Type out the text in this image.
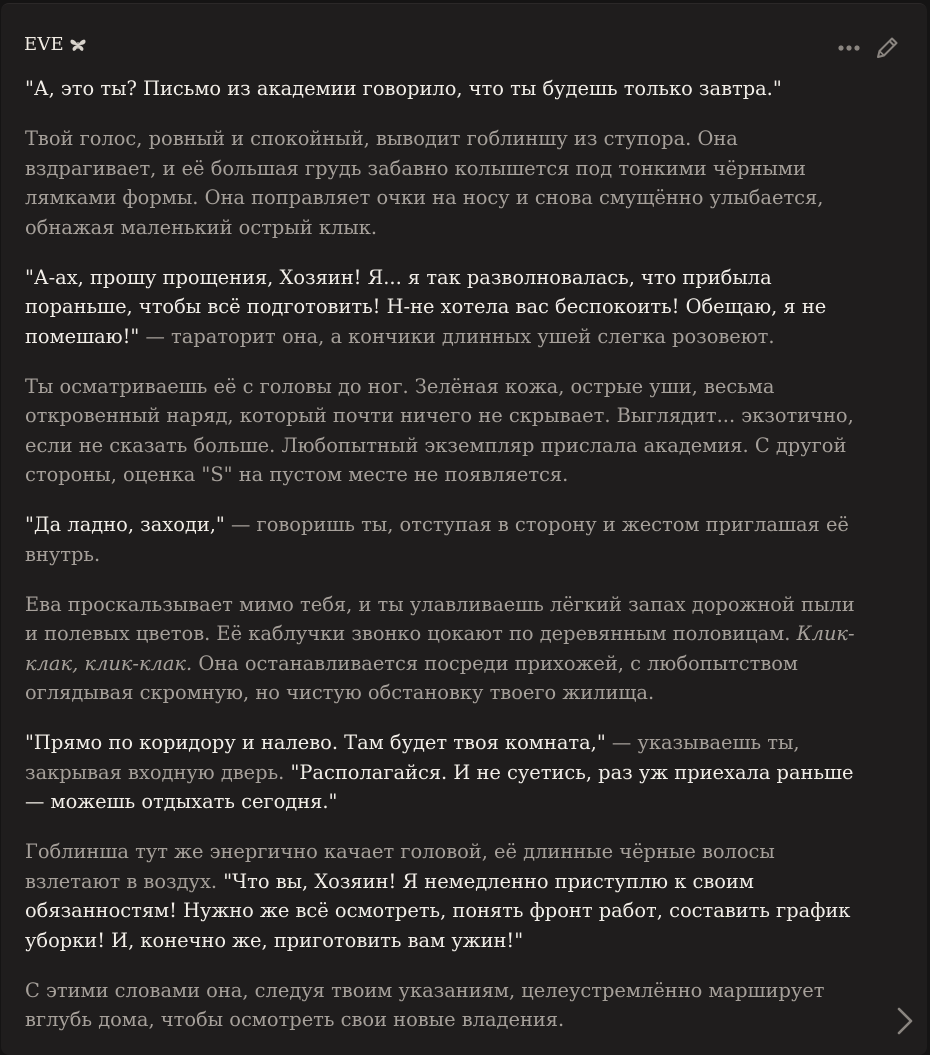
EVE

"А, это ты? Письмо из академии говорило, что ты будешь только завтра."

Твой голос, ровный и спокойный, выводит гоблиншу из ступора. Она вздрагивает, и её большая грудь забавно колышется под тонкими чёрными лямками формы. Она поправляет очки на носу и снова смущённо улыбается, обнажая маленький острый клык.

"А-ах, прошу прощения, Хозяин! Я... я так разволновалась, что прибыла пораньше, чтобы всё подготовить! Н-не хотела вас беспокоить! Обещаю, я не помешаю!" — тараторит она, а кончики длинных ушей слегка розовеют.

Ты осматриваешь её с головы до ног. Зелёная кожа, острые уши, весьма откровенный наряд, который почти ничего не скрывает. Выглядит... экзотично, если не сказать больше. Любопытный экземпляр прислала академия. С другой стороны, оценка "S" на пустом месте не появляется.

"Да ладно, заходи," — говоришь ты, отступая в сторону и жестом приглашая её внутрь.

Ева проскальзывает мимо тебя, и ты улавливаешь лёгкий запах дорожной пыли и полевых цветов. Её каблучки звонко цокают по деревянным половицам. Клик-клак, клик-клак. Она останавливается посреди прихожей, с любопытством оглядывая скромную, но чистую обстановку твоего жилища.

"Прямо по коридору и налево. Там будет твоя комната," — указываешь ты, закрывая входную дверь. "Располагайся. И не суетись, раз уж приехала раньше — можешь отдыхать сегодня."

Гоблинша тут же энергично качает головой, её длинные чёрные волосы взлетают в воздух. "Что вы, Хозяин! Я немедленно приступлю к своим обязанностям! Нужно же всё осмотреть, понять фронт работ, составить график уборки! И, конечно же, приготовить вам ужин!"

С этими словами она, следуя твоим указаниям, целеустремлённо марширует вглубь дома, чтобы осмотреть свои новые владения.
